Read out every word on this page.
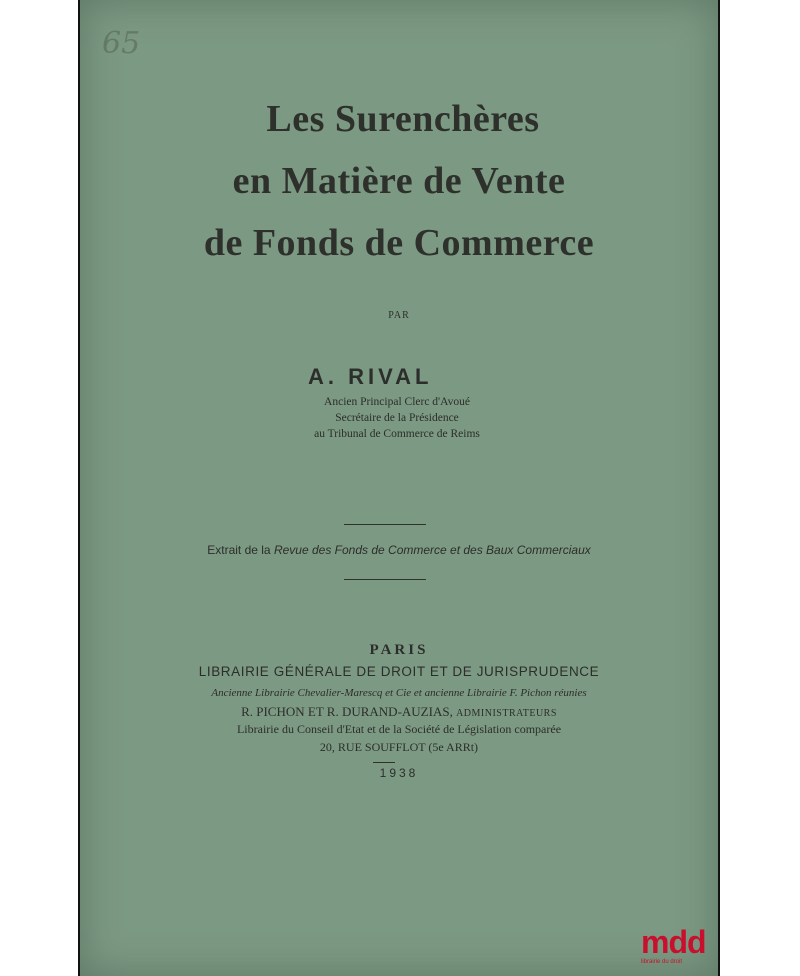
65
Les Surenchères
en Matière de Vente
de Fonds de Commerce
PAR
A. RIVAL
Ancien Principal Clerc d'Avoué
Secrétaire de la Présidence
au Tribunal de Commerce de Reims
Extrait de la Revue des Fonds de Commerce et des Baux Commerciaux
PARIS
LIBRAIRIE GÉNÉRALE DE DROIT ET DE JURISPRUDENCE
Ancienne Librairie Chevalier-Marescq et Cie et ancienne Librairie F. Pichon réunies
R. PICHON ET R. DURAND-AUZIAS, ADMINISTRATEURS
Librairie du Conseil d'Etat et de la Société de Législation comparée
20, RUE SOUFFLOT (5e ARRt)
1938
mdd
librairie du droit
